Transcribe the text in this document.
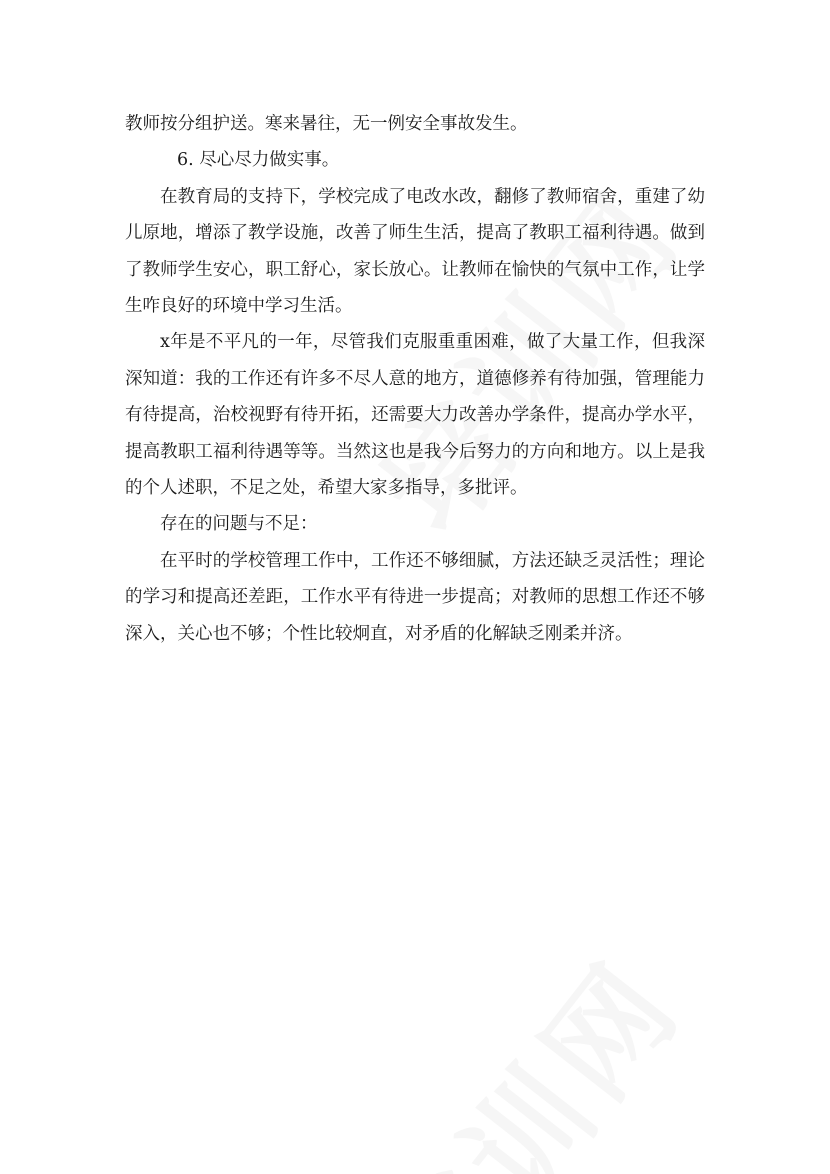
教师按分组护送。寒来暑往，无一例安全事故发生。

6. 尽心尽力做实事。

在教育局的支持下，学校完成了电改水改，翻修了教师宿舍，重建了幼儿原地，增添了教学设施，改善了师生生活，提高了教职工福利待遇。做到了教师学生安心，职工舒心，家长放心。让教师在愉快的气氛中工作，让学生咋良好的环境中学习生活。

x年是不平凡的一年，尽管我们克服重重困难，做了大量工作，但我深深知道：我的工作还有许多不尽人意的地方，道德修养有待加强，管理能力有待提高，治校视野有待开拓，还需要大力改善办学条件，提高办学水平，提高教职工福利待遇等等。当然这也是我今后努力的方向和地方。以上是我的个人述职，不足之处，希望大家多指导，多批评。

存在的问题与不足：

在平时的学校管理工作中，工作还不够细腻，方法还缺乏灵活性；理论的学习和提高还差距，工作水平有待进一步提高；对教师的思想工作还不够深入，关心也不够；个性比较炯直，对矛盾的化解缺乏刚柔并济。
